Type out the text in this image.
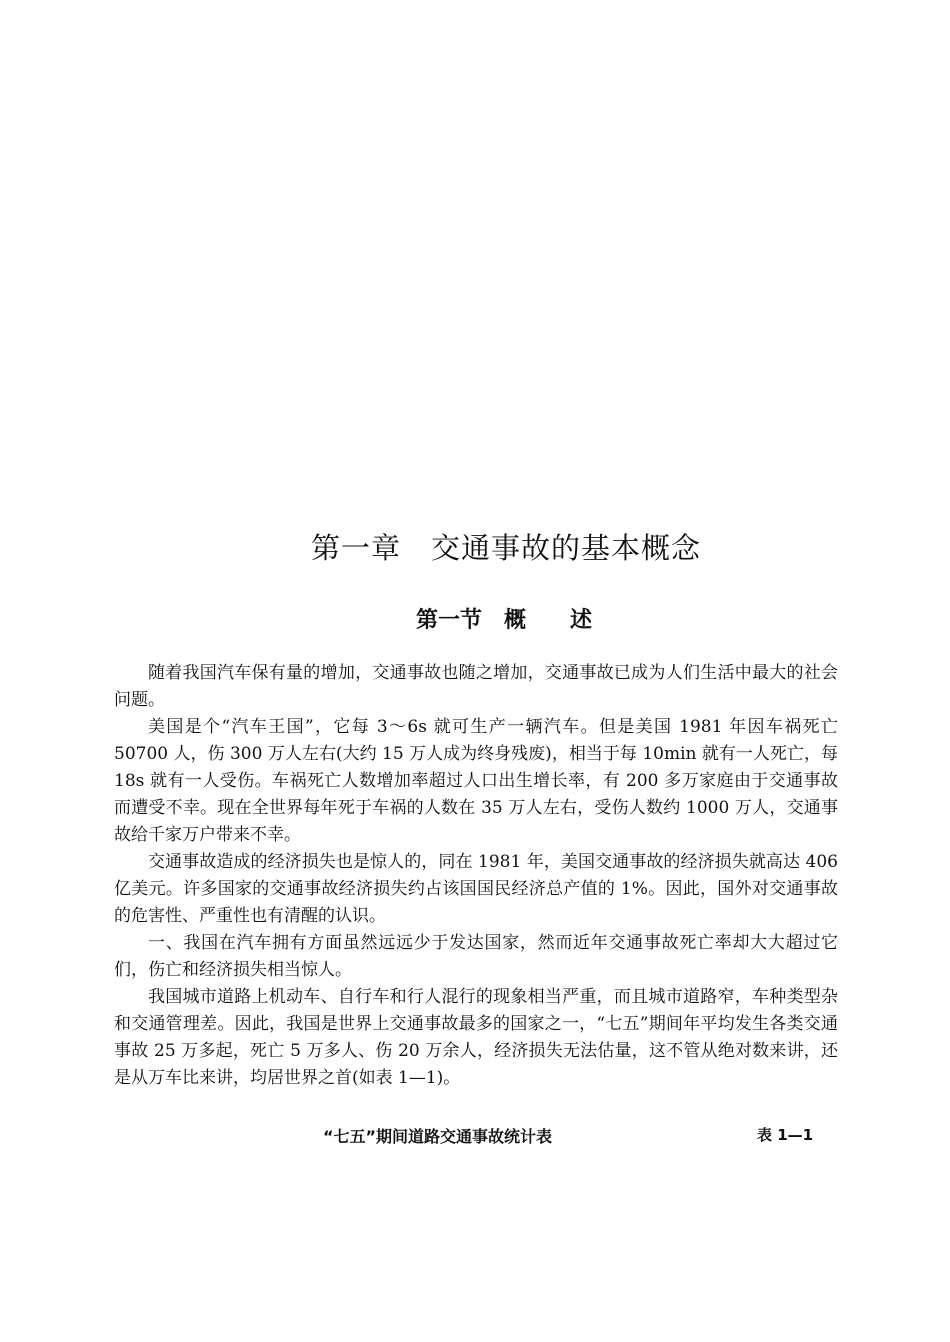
第一章　交通事故的基本概念
第一节　概　　述

随着我国汽车保有量的增加，交通事故也随之增加，交通事故已成为人们生活中最大的社会问题。

美国是个“汽车王国”，它每 3～6s 就可生产一辆汽车。但是美国 1981 年因车祸死亡 50700 人，伤 300 万人左右(大约 15 万人成为终身残废)，相当于每 10min 就有一人死亡，每 18s 就有一人受伤。车祸死亡人数增加率超过人口出生增长率，有 200 多万家庭由于交通事故而遭受不幸。现在全世界每年死于车祸的人数在 35 万人左右，受伤人数约 1000 万人，交通事故给千家万户带来不幸。

交通事故造成的经济损失也是惊人的，同在 1981 年，美国交通事故的经济损失就高达 406 亿美元。许多国家的交通事故经济损失约占该国国民经济总产值的 1%。因此，国外对交通事故的危害性、严重性也有清醒的认识。

一、我国在汽车拥有方面虽然远远少于发达国家，然而近年交通事故死亡率却大大超过它们，伤亡和经济损失相当惊人。

我国城市道路上机动车、自行车和行人混行的现象相当严重，而且城市道路窄，车种类型杂和交通管理差。因此，我国是世界上交通事故最多的国家之一，“七五”期间年平均发生各类交通事故 25 万多起，死亡 5 万多人、伤 20 万余人，经济损失无法估量，这不管从绝对数来讲，还是从万车比来讲，均居世界之首(如表 1—1)。

“七五”期间道路交通事故统计表	表 1—1
